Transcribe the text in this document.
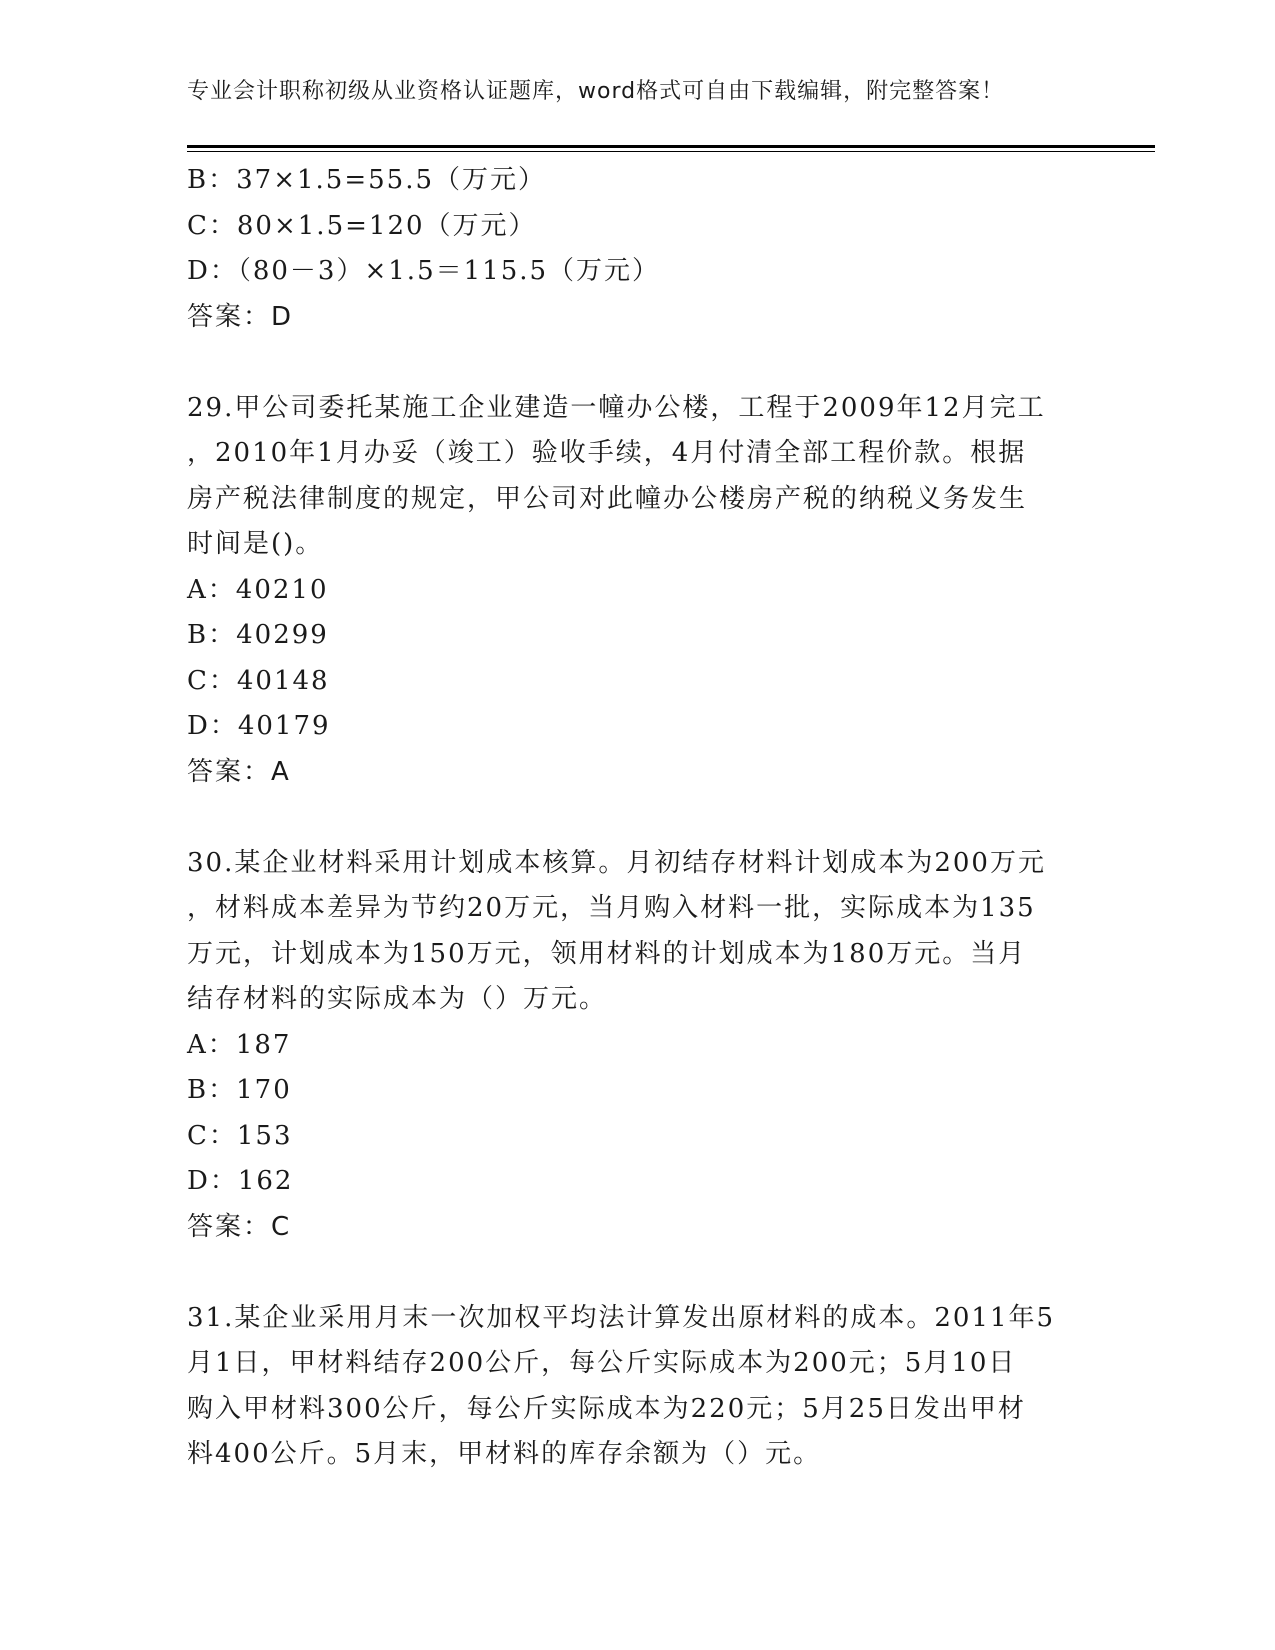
专业会计职称初级从业资格认证题库，word格式可自由下载编辑，附完整答案！
B：37×1.5=55.5（万元）
C：80×1.5=120（万元）
D：（80－3）×1.5＝115.5（万元）
答案：D
29.甲公司委托某施工企业建造一幢办公楼，工程于2009年12月完工
，2010年1月办妥（竣工）验收手续，4月付清全部工程价款。根据
房产税法律制度的规定，甲公司对此幢办公楼房产税的纳税义务发生
时间是()。
A：40210
B：40299
C：40148
D：40179
答案：A
30.某企业材料采用计划成本核算。月初结存材料计划成本为200万元
，材料成本差异为节约20万元，当月购入材料一批，实际成本为135
万元，计划成本为150万元，领用材料的计划成本为180万元。当月
结存材料的实际成本为（）万元。
A：187
B：170
C：153
D：162
答案：C
31.某企业采用月末一次加权平均法计算发出原材料的成本。2011年5
月1日，甲材料结存200公斤，每公斤实际成本为200元；5月10日
购入甲材料300公斤，每公斤实际成本为220元；5月25日发出甲材
料400公斤。5月末，甲材料的库存余额为（）元。
